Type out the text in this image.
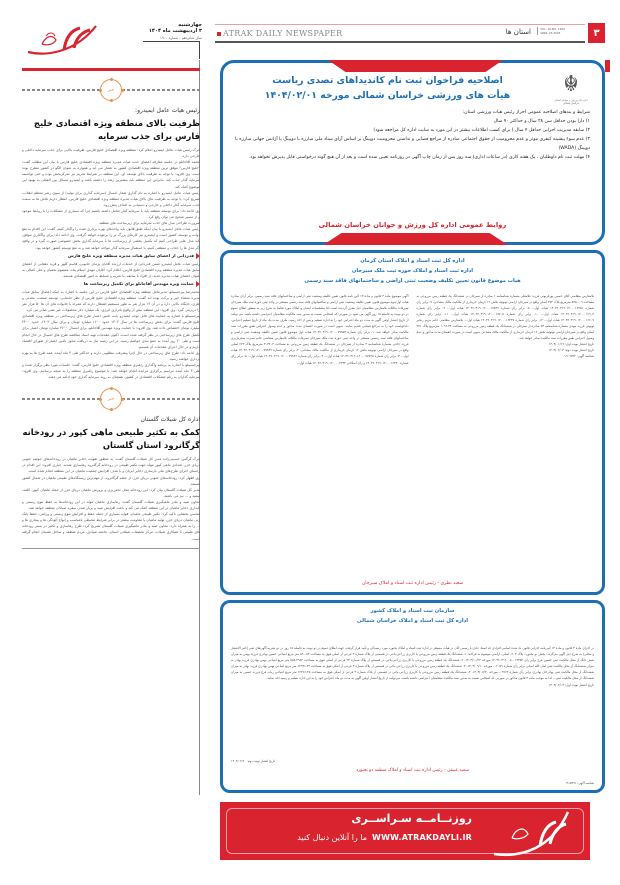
چهارشنبه
۳ اردیبهشت ماه ۱۴۰۴
سال شانزدهم - شماره ۱۹۰۰	ATRAK DAILY NEWSPAPER	استان ها	VOL. 16,NO. 1900
APRIL 23,2025	۳
خبر
رئیس هیات عامل ایمیدرو:
ظرفیت بالای منطقه ویژه اقتصادی خلیج فارس برای جذب سرمایه
اترک-رئیس هیات عامل ایمیدرو اعلام کرد: منطقه ویژه اقتصادی خلیج فارس، ظرفیت بالایی برای جذب سرمایه داخلی و خارجی دارد.
محمد آقاجانلو در جلسه معارفه اعضای جدید هیات مدیره منطقه ویژه اقتصادی خلیج فارس با بیان این مطلب گفت: "خلیج فارس" موفق ترین منطقه ویژه اقتصادی کشور به شمار می آید و همواره به عنوان الگو در کشور مطرح بوده است. وی افزود: با توجه به ظرفیت بالای توسعه ای، این منطقه در شرایط تحریم نیز تمرکزبخش بوده و حتی توانسته سرمایه گذار جذب کند. بنابراین این منطقه باید بیشترین رشد را داشته باشد و ایمیدرو مسائل بین المللی به بهبود این موضوع کمک کند.
رئیس هیات عامل ایمیدرو با اشاره به نام گذاری شعار امسال (سرمایه گذاری برای تولید) از سوی رهبر معظم انقلاب، تصریح کرد: با توجه به ظرفیت های بالای هیات مدیره منطقه ویژه اقتصادی خلیج فارس، انتظار داریم تلاش ها به سمت جذب سرمایه گذار داخلی و خارجی و دستیابی به اهداف پیش رود.
وی ادامه داد: برای توسعه منطقه باید با سرمایه گذار تعامل داشته باشیم چرا که بسیاری از مشکلات را با روابط موجود و از مسیر صحیح می توان رفع کرد.
ضرورت طراحی مدل های جذب سرمایه برای زیرساخت های منطقه
رئیس هیات عامل ایمیدرو با بیان اینکه طبق قانون باید واحدهای بهره برداری شده را واگذار کنیم، گفت: این اقدام به نفع دولت و توسعه کشور است و ایمیدرو نیز کارهای بزرگ تر را برعهده خواهد گرفت. وی ادامه داد: برای واگذاری موفق، باید مدل هایی طراحی کنیم که تکمیل بخشی از زیرساخت ها با سرمایه گذاری بخش خصوصی صورت گیرد و در واقع، اگر مدل ها را جذاب و منطقی کنیم، با استقبال سرمایه گذار مواجه خواهد شد و به نفع توسعه کشور خواهد بود.
قدردانی از اعضای سابق هیات مدیره منطقه ویژه خلیج فارس
رئیس هیات عامل ایمیدرو ضمن قدردانی از خدمات ارزنده آقایان پژمان خانوبی، قاسم کلهر و فرید دهقانی از اعضای سابق هیات مدیره منطقه ویژه اقتصادی خلیج فارس، اعلام کرد: آقایان مهدی اسلام پناه، معصوم نجفیان و علی کمالی به عنوان اعضای هیات مدیره جدید، از افراد با سابقه، با تجربه و مسلط به امور اقتصادی هستند.
حمایت ویژه مهندس آقاجانلو برای تکمیل زیرساخت ها
محمدرضا پیرحسینلو، مدیرعامل منطقه ویژه اقتصادی خلیج فارس در این جلسه با اشاره به اینکه اعضای سابق هیات مدیره منشاء خیر و برکت بوده اند گفت: منطقه ویژه اقتصادی خلیج فارس از نظر جانمایی، توسعه صنعت، معدنی و فلزی، جایگاه بالایی دارد و در آن ۱۴ هزار نفر به طور مستقیم اشتغال دارند که همراه با خانواده های آن ها ۵۰ هزار نفر را دربرمی گیرد. وی افزود: این منطقه بیش از وقوع ناترازی انرژی، یک میلیارد دلار محصولات غیر نفتی صادر می کرد.
پیرحسینلو با اشاره به حمایت های قابل توجه ایمیدرو بابت تامین اعتبار طرح های زیرساختی در منطقه ویژه اقتصادی خلیج فارس گفت: برای بخش زیرساخت ها در سال ۱۴۰۲ حدود ۱۶۰۰ میلیارد تومان و برای سال ۱۴۰۳، حدود ۲۴۰۰ میلیارد تومان اختصاص داده شد. وی افزود: با حمایت ویژه مهندس آقاجانلو، برای امسال ۳۶۰۰ میلیارد تومان اعتبار برای تکمیل طرح های زیرساختی در نظر گرفته شده است. اکنون مقدمات تهیه اسناد مناقصه طرح های امسال در حال انجام است و طی ۲۰ روز آینده به جمع بندی خواهیم رسید. در این زمینه نیاز به دریافت مجوز تامین اعتبار از شورای اقتصاد داریم و در حال اجرای مقدمات آن هستیم.
وی ادامه داد: طرح های زیرساختی در حال اجرا پیشرفت مطلوبی دارند و حداکثر طی ۳ ماه آینده، همه طرح ها به بهره برداری خواهند رسید.
پیرحسینلو با اشاره به برنامه واگذاری راهبری منطقه ویژه اقتصادی خلیج فارس، گفت: جلسات مورد نظر برگزار شده و طی ۳ ماه آینده مراسم برگزاری مزایده انجام خواهد شد. با موضوع راهبری منطقه را به نتیجه برسانیم. وی افزود: سرمایه گذاران به رغم مشکلات اقتصادی در کشور، همچنان به روند سرمایه گذاری خود ادامه می دهند.
خبر
اداره کل شیلات گلستان
کمک به تکثیر طبیعی ماهی کپور در رودخانه گرگانرود استان گلستان
اترک-گرگس حسینی‌زاده مدیر کل شیلات گلستان گفت: به منظور تقویت ذخایر ماهیان در رودخانه‌های حوضه جنوبی دریای خزر، تعدادی ماهی کپور مولد جهت تکثیر طبیعی در رودخانه گرگانرود رهاسازی شدند. جباری افزود: این اقدام در راستای اجرای طرح‌های ملی بازسازی ذخایر آبزیان و با هدف افزایش جمعیت ماهیان در این منطقه انجام شده است.
وی اظهار کرد: رودخانه‌های جنوبی دریای خزر، از جمله گرگانرود، از مهم‌ترین زیستگاه‌های طبیعی ماهیان در شمال کشور هستند.
مدیر کل شیلات گلستان بیان کرد: این رودخانه محل تخم‌ریزی و پرورش ماهیان دریای خزر از جمله ماهیان کپور، کلمه، سفید و ... نیز می باشند.
معاون صید و بنادر ماهیگیری شیلات گلستان گفت: رهاسازی ماهیان مولد در این رودخانه‌ها به حفظ تنوع زیستی و پایداری ذخایر ماهیان در این منطقه کمک می کند و باعث افزایش صید و پربار شدن سفره صیادان منطقه خواهد شد.
محسن بخشایی تاکید کرد: تکثیر طبیعی ماهیان، فواید بسیاری از جمله حفظ و افزایش تنوع زیستی و وراثتی، حفظ بانک ژنی ماهیان دریای خزر، تولید ماهیان با مقاومت بیشتر در برابر شرایط محیطی نامناسب و انواع آلودگی ها و بیماری ها و ... را به همراه دارد. معاون صید و بنادر ماهیگیری شیلات گلستان تصریح کرد: طرح رهاسازی و تکثیر در بستر رودخانه های طبیعی با همکاری شیلات، مرکز تحقیقات شیلاتی استان، جامعه صیادی، مردم منطقه و ساحل نشینان انجام گرفته است.
☬
اداره کل ورزش و جوانان استان خراسان شمالی
اصلاحیه فراخوان ثبت نام کاندیداهای تصدی ریاست
هیأت های ورزشی خراسان شمالی مورخه ۱۴۰۴/۰۲/۰۱
شرایط و بندهای اصلاحیه عمومی احراز رئیس هیات ورزشی استان:
۱) دارا بودن حداقل سن ۲۸ سال و حداکثر ۷۰ سال
۲) سابقه مدیریت اجرایی حداقل ۴ سال ( برای کسب اطلاعات بیشتر در این مورد به سایت اداره کل مراجعه شود)
۳) عدم سوء پیشینه کیفری موثر و عدم محرومیت از حقوق اجتماعی صادره از مراجع قضایی و نداشتن محرومیت دوپینگ بر اساس آرای ستاد ملی مبارزه با دوپینگ یا آژانس جهانی مبارزه با دوپینگ (WADA)
۴) مهلت ثبت نام داوطلبان ، یک هفته کاری (در ساعات اداری) سه روز پس از زمان چاپ آگهی در روزنامه تعیین شده است و بعد از آن هیچ گونه درخواستی قابل پذیرش نخواهد بود.
روابط عمومی اداره کل ورزش و جوانان خراسان شمالی
اداره کل ثبت اسناد و املاک استان کرمان
اداره ثبت اسناد و املاک حوزه ثبت ملک سیرجان
هیات موضوع قانون تعیین تکلیف وضعیت ثبتی اراضی و ساختمانهای فاقد سند رسمی
آگهی موضوع ماده ۳ قانون و ماده ۱۳ آئین نامه قانون تعیین تکلیف وضعیت ثبتی اراضی و ساختمانهای فاقد سند رسمی. برابر آرای صادره هیات اول/دوم موضوع قانون تعیین تکلیف وضعیت ثبتی اراضی و ساختمانهای فاقد سند رسمی مستقر در واحد ثبتی حوزه ثبت ملک سیرجان تصرفات مالکانه بلامعارض متقاضیان ذیل محرز گردیده است لذا مشخصات ایشان و املاک مورد تقاضا به شرح زیر به منظور اطلاع عموم در دو نوبت به فاصله ۱۵ روز آگهی می شود در صورتی که اشخاص نسبت به صدور سند مالکیت متقاضیان اعتراضی داشته باشند می توانند از تاریخ انتشار اولین آگهی به مدت دو ماه اعتراض خود را به اداره تسلیم و پس از اخذ رسید، ظرف مدت یک ماه از تاریخ تسلیم اعتراض، دادخواست خود را به مراجع قضایی تقدیم نمایند. بدیهی است در صورت انقضای مدت مذکور و عدم وصول اعتراض طبق مقررات سند مالکیت صادر خواهد شد. ۱. برابر رای شماره ۱۴۰۳۶۰۳۱۹۰۱۲۰۰۰۷۷۸۵۳ هیات اول موضوع قانون تعیین تکلیف وضعیت ثبتی اراضی و ساختمانهای فاقد سند رسمی مستقر در واحد ثبتی حوزه ثبت ملک سیرجان تصرفات مالکانه بلامعارض متقاضی خانم نصرت صفرپاریزی فرزند حاجی بشماره شناسنامه ۴ صادره از سیرجان در ششدانگ یک قطعه زمین مزروعی به مساحت ۴۰۳۲۰۴ مترمربع پلاک ۲۷۲ اصلی واقع در سیرجان اراضی تونوئیه بخش ۱۲ کرمان خریداری از مالکیت مالک مشاعی. ۲. برابر رای شماره ۱۴۰۳۶۰۳۱۹۰۱۲۰۰۰۷۷۸۴۹ هیات اول... ۳. برابر رای شماره ۱۴۰۳۶۰۳۱۹۰۱۲۰۰۰۷۷۸۴۵ هیات اول... ۴. برابر رای شماره ۱۴۰۳۶۰۳۱۹۰۱۲۰۰۰۷۷۸۴۶ هیات اول... ۵. برابر رای شماره ۱۴۰۳۶۰۳۱۹۰۱۲۰۰۰۱۶۴۴۰ و رای اصلاحی ۱۴۰۴۶۰۳۱۹۰۱۲۰۰۰۰۳۲۳۴ هیات اول...
بلامعارض متقاضی آقای حسین پورقربونی فرزند غلامعلی بشماره شناسنامه ۱ صادره از سیرجان در ششدانگ یک قطعه زمین مزروعی به مساحت ۵۴۵۰.۰۹ مترمربع پلاک ۲۷۲ اصلی واقع در سیرجان اراضی تونوئیه بخش ۱۲ کرمان خریداری از مالکیت مالک مشاعی. ۷. برابر رای شماره ۱۴۰۳۶۰۳۱۹۰۱۲۰۰۰۱۶۴۵۱ هیات اول... ۸. برابر رای شماره ۱۴۰۳۶۰۳۱۹۰۱۲۰۰۰۱۷۸۳۹ هیات اول... ۹. برابر رای شماره ۱۴۰۳۶۰۳۱۹۰۱۲۰۰۰۱۶۹۰۳ هیات اول... ۱۰. برابر رای شماره ۱۴۰۳۶۰۳۱۹۰۱۲۰۰۰۱۷۷۰۵ هیات اول... ۱۱. برابر رای شماره ۱۴۰۳۶۰۳۱۹۰۱۲۰۰۰۱۶۶۰۷ هیات اول... ۱۲. برابر رای شماره ۱۴۰۳۶۰۳۱۹۰۱۲۰۰۰۱۶۴۴۷ هیات اول... بلامعارض متقاضی خانم مریم رنجبر تونوئی فرزند مهدی بشماره شناسنامه ۸۳ صادره از سیرجان در ششدانگ یک قطعه زمین مزروعی به مساحت ۱۰۹۶.۳۲ مترمربع پلاک ۲۷۱ اصلی واقع در سیرجان اراضی تونوئیه بخش ۱۲ کرمان خریداری از مالکیت مالک مشاعی بدیهی است در صورت انقضای مدت مذکور و عدم وصول اعتراض طبق مقررات سند مالکیت صادر خواهد شد.
تاریخ انتشار نوبت اول: ۱۴۰۴/۰۱/۱۹
تاریخ انتشار نوبت دوم: ۱۴۰۴/۰۲/۰۳
شناسه آگهی: ۱۹۰۹۵۲۲
سعید نظری - رئیس اداره ثبت اسناد و املاک سیرجان
سازمان ثبت اسناد و املاک کشور
اداره کل ثبت اسناد و املاک خراسان شمالی
در اجرای ماده ۳ قانون و ماده ۱۳ آیین‌نامه اجرایی قانون یاد شده اسامی افرادی که اسناد عادی یا رسمی آنان در هیأت مستقر در اداره ثبت اسناد و املاک بجنورد مورد رسیدگی و تأیید قرار گرفت، جهت اطلاع عموم در دو نوبت به فاصله ۱۵ روز در دو نشریه آگهی‌های ثبتی (کثیر الانتشار و محلی) به شرح ذیل آگهی می‌گردد: بخش دو بجنورد، پلاک ۲۰۳- اصلی، اراضی موسوم به قراخه: ۱. ششدانگ یک قطعه زمین مزروعی با کاربری زراعی-باغی در قسمتی از پلاک شماره ۳ فرعی از اصلی فوق به مساحت ۵۹۰.۸۴ متر مربع ابتیاعی حسین بهادری فرزند بهمن به میزان شش دانگ از محل مالکیت ثبتی حسین فرخ برابر رأی ۱۴۰۳۶۰۳۱۹۰۰۵۰۰۱۹۳۵۴ مورخه ۱۴۰۳/۱۰/۲۳. ۲. ششدانگ یک قطعه زمین مزروعی با کاربری زراعی-باغی در قسمتی از پلاک شماره ۲۳ فرعی از اصلی فوق به مساحت ۵۵۸.۳۹۸۴ متر مربع ابتیاعی بهمن بهادری فرزند بهادر به میزان ششدانگ از محل مالکیت ثبتی امان الله اسانی برابر رأی شماره ۰۲۰۵۹- مورخه ۱۴۰۳/۰۹/۱۰. ۳. ششدانگ یک قطعه زمین مزروعی با کاربری زراعی-باغی در قسمتی از پلاک شماره ۳ فرعی از اصلی فوق به مساحت ۱۲۹۳۱.۴۲ متر مربع ابتیاعی بهمن بهادری فرزند بهادر به میزان ششدانگ از محل مالکیت ثبتی بهادرخان بهادری برابر رأی شماره ۰۲۷۶۳- مورخه ۱۴۰۳/۰۷/۳۰. ۴. ششدانگ یک قطعه زمین مزروعی با کاربری زراعی-باغی در قسمتی از پلاک شماره ۳ فرعی از اصلی فوق به مساحت ۱۲۲۶۶.۴۵ متر مربع ابتیاعی رباب فرج فرزند حسین به میزان ششدانگ از محل مالکیت ثبتی... لذا به موجب ماده ۳ قانون مذکور در صورتی که اشخاص نسبت به صدور سند مالکیت متقاضیان اعتراضی داشته باشند، می‌توانند از تاریخ انتشار اولین آگهی به مدت دو ماه اعتراض خود را به این اداره تسلیم و رسید اخذ نمایند.
تاریخ انتشار نوبت اول: ۱۴۰۴/۰۲/۰۳
تاریخ انتشار نوبت دوم: ۱۴۰۴/۰۲/۲۰
سعید عتیقی - رئیس اداره ثبت اسناد و املاک منطقه دو بجنورد
شناسه آگهی: ۱۹۱۵۴۹۱
روزنــامــه سـراســری
WWW.ATRAKDAYLI.IR
ما را آنلاین دنبال کنید
